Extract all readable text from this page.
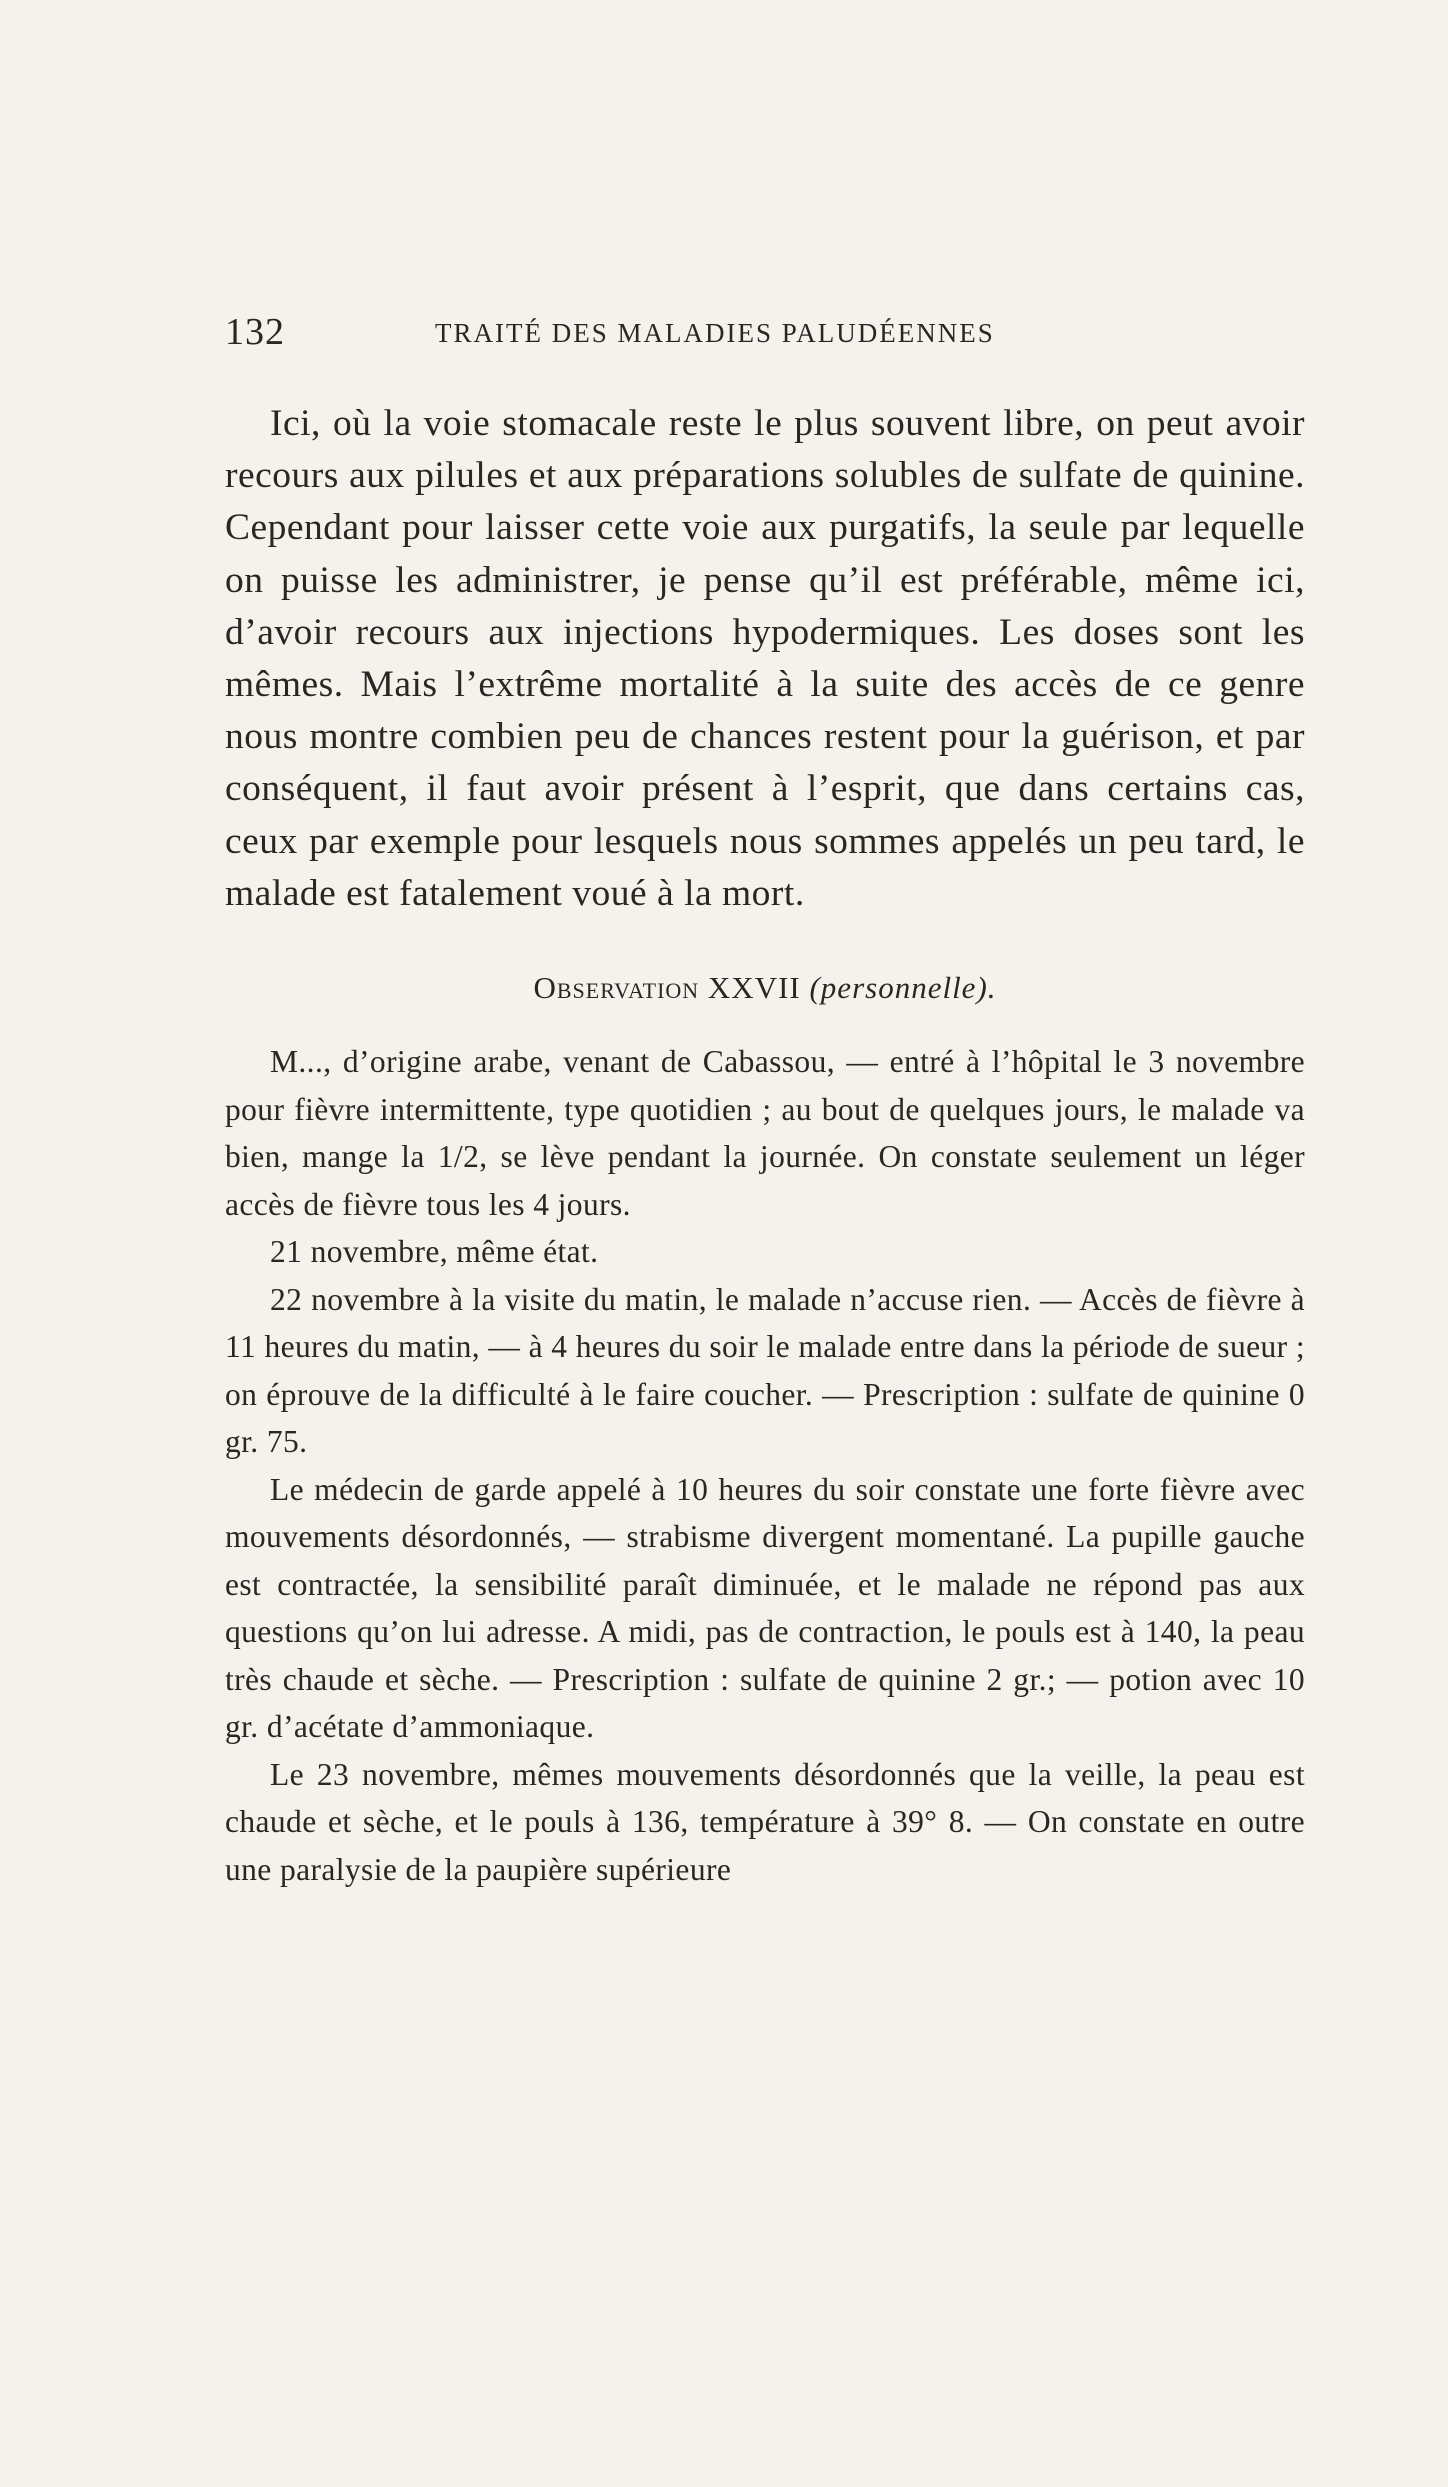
132	TRAITÉ DES MALADIES PALUDÉENNES

Ici, où la voie stomacale reste le plus souvent libre, on peut avoir recours aux pilules et aux préparations solubles de sulfate de quinine. Cependant pour laisser cette voie aux purgatifs, la seule par lequelle on puisse les administrer, je pense qu’il est préférable, même ici, d’avoir recours aux injections hypodermiques. Les doses sont les mêmes. Mais l’extrême mortalité à la suite des accès de ce genre nous montre combien peu de chances restent pour la guérison, et par conséquent, il faut avoir présent à l’esprit, que dans certains cas, ceux par exemple pour lesquels nous sommes appelés un peu tard, le malade est fatalement voué à la mort.

Observation XXVII (personnelle).

M..., d’origine arabe, venant de Cabassou, — entré à l’hôpital le 3 novembre pour fièvre intermittente, type quotidien ; au bout de quelques jours, le malade va bien, mange la 1/2, se lève pendant la journée. On constate seulement un léger accès de fièvre tous les 4 jours.

21 novembre, même état.

22 novembre à la visite du matin, le malade n’accuse rien. — Accès de fièvre à 11 heures du matin, — à 4 heures du soir le malade entre dans la période de sueur ; on éprouve de la difficulté à le faire coucher. — Prescription : sulfate de quinine 0 gr. 75.

Le médecin de garde appelé à 10 heures du soir constate une forte fièvre avec mouvements désordonnés, — strabisme divergent momentané. La pupille gauche est contractée, la sensibilité paraît diminuée, et le malade ne répond pas aux questions qu’on lui adresse. A midi, pas de contraction, le pouls est à 140, la peau très chaude et sèche. — Prescription : sulfate de quinine 2 gr.; — potion avec 10 gr. d’acétate d’ammoniaque.

Le 23 novembre, mêmes mouvements désordonnés que la veille, la peau est chaude et sèche, et le pouls à 136, température à 39° 8. — On constate en outre une paralysie de la paupière supérieure
